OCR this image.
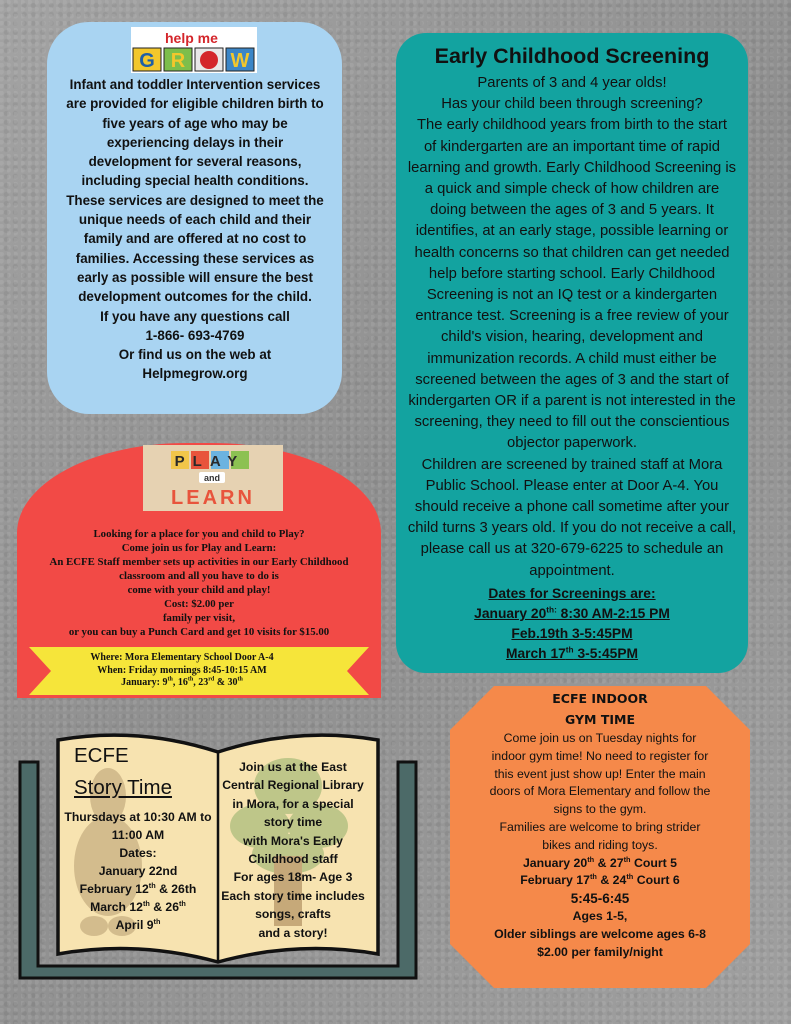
help me
G R	O W

Infant and toddler Intervention services

are provided for eligible children birth to

five years of age who may be

experiencing delays in their

development for several reasons,

including special health conditions.

These services are designed to meet the

unique needs of each child and their

family and are offered at no cost to

families. Accessing these services as

early as possible will ensure the best

development outcomes for the child.

If you have any questions call

1-866- 693-4769

Or find us on the web at

Helpmegrow.org

Early Childhood Screening

Parents of 3 and 4 year olds!

Has your child been through screening?

The early childhood years from birth to the start

of kindergarten are an important time of rapid

learning and growth. Early Childhood Screening is

a quick and simple check of how children are

doing between the ages of 3 and 5 years. It

identifies, at an early stage, possible learning or

health concerns so that children can get needed

help before starting school. Early Childhood

Screening is not an IQ test or a kindergarten

entrance test. Screening is a free review of your

child's vision, hearing, development and

immunization records. A child must either be

screened between the ages of 3 and the start of

kindergarten OR if a parent is not interested in the

screening, they need to fill out the conscientious

objector paperwork.

Children are screened by trained staff at Mora

Public School. Please enter at Door A-4. You

should receive a phone call sometime after your

child turns 3 years old. If you do not receive a call,

please call us at 320-679-6225 to schedule an

appointment.

Dates for Screenings are:

January $20^{th:}$ 8:30 AM-2:15 PM

Feb.19th 3-5:45PM

March 17th 3-5:45PM

PLAY
and
LEARN

Looking for a place for you and child to Play?

Come join us for Play and Learn:

An ECFE Staff member sets up activities in our Early Childhood

classroom and all you have to do is

come with your child and play!

Cost: $2.00 per

family per visit,

or you can buy a Punch Card and get 10 visits for $15.00

Where: Mora Elementary School Door A-4

When: Friday mornings 8:45-10:15 AM

January: 9th, 16th, 23rd & 30th

ECFE
Story Time

Thursdays at 10:30 AM to

11:00 AM

Dates:

January 22nd

February 12th & 26th

March 12th & 26th

April 9th

Join us at the East

Central Regional Library

in Mora, for a special

story time

with Mora's Early

Childhood staff

For ages 18m- Age 3

Each story time includes

songs, crafts

and a story!

ECFE INDOOR

GYM TIME

Come join us on Tuesday nights for

indoor gym time! No need to register for

this event just show up! Enter the main

doors of Mora Elementary and follow the

signs to the gym.

Families are welcome to bring strider

bikes and riding toys.

January 20th & 27th Court 5

February 17th & 24th Court 6

5:45-6:45

Ages 1-5,

Older siblings are welcome ages 6-8

$2.00 per family/night
